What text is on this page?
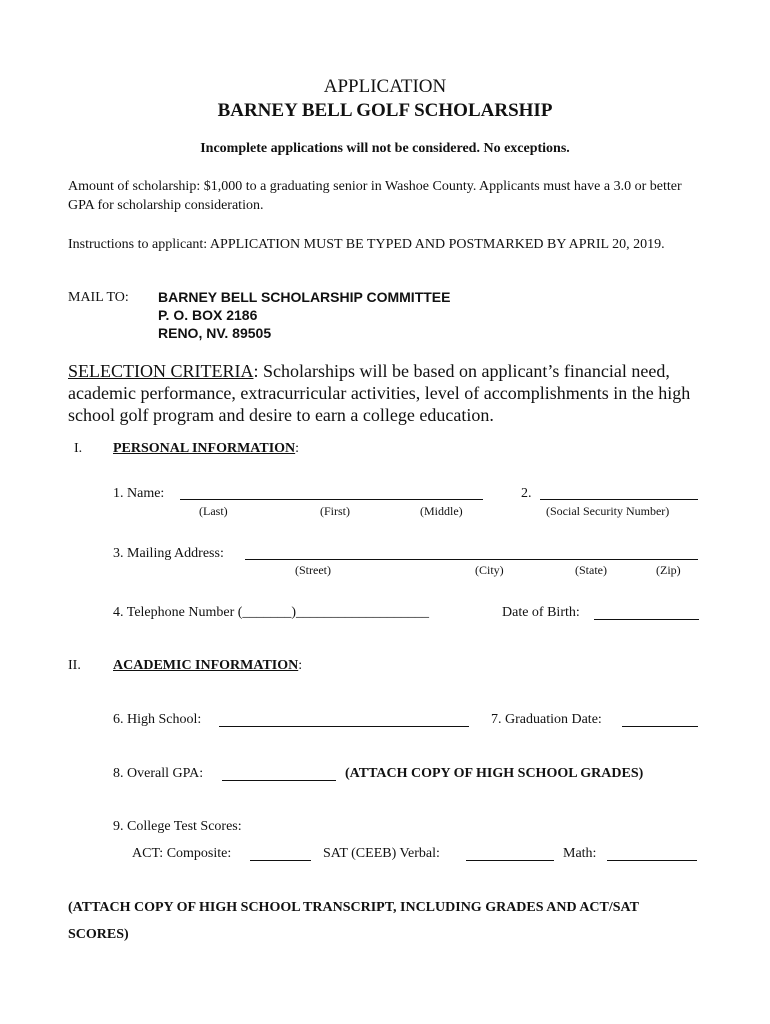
APPLICATION
BARNEY BELL GOLF SCHOLARSHIP
Incomplete applications will not be considered. No exceptions.
Amount of scholarship: $1,000 to a graduating senior in Washoe County. Applicants must have a 3.0 or better GPA for scholarship consideration.
Instructions to applicant: APPLICATION MUST BE TYPED AND POSTMARKED BY APRIL 20, 2019.
MAIL TO: BARNEY BELL SCHOLARSHIP COMMITTEE
P. O. BOX 2186
RENO, NV. 89505
SELECTION CRITERIA: Scholarships will be based on applicant’s financial need, academic performance, extracurricular activities, level of accomplishments in the high school golf program and desire to earn a college education.
I. PERSONAL INFORMATION:
1. Name:
(Last)	(First)	(Middle)
2.
(Social Security Number)
3. Mailing Address:
(Street)	(City)	(State)	(Zip)
4. Telephone Number (_______)___________________	Date of Birth:
II. ACADEMIC INFORMATION:
6. High School:	7. Graduation Date:
8. Overall GPA:	(ATTACH COPY OF HIGH SCHOOL GRADES)
9. College Test Scores:
ACT: Composite:	SAT (CEEB) Verbal:	Math:
(ATTACH COPY OF HIGH SCHOOL TRANSCRIPT, INCLUDING GRADES AND ACT/SAT
SCORES)
